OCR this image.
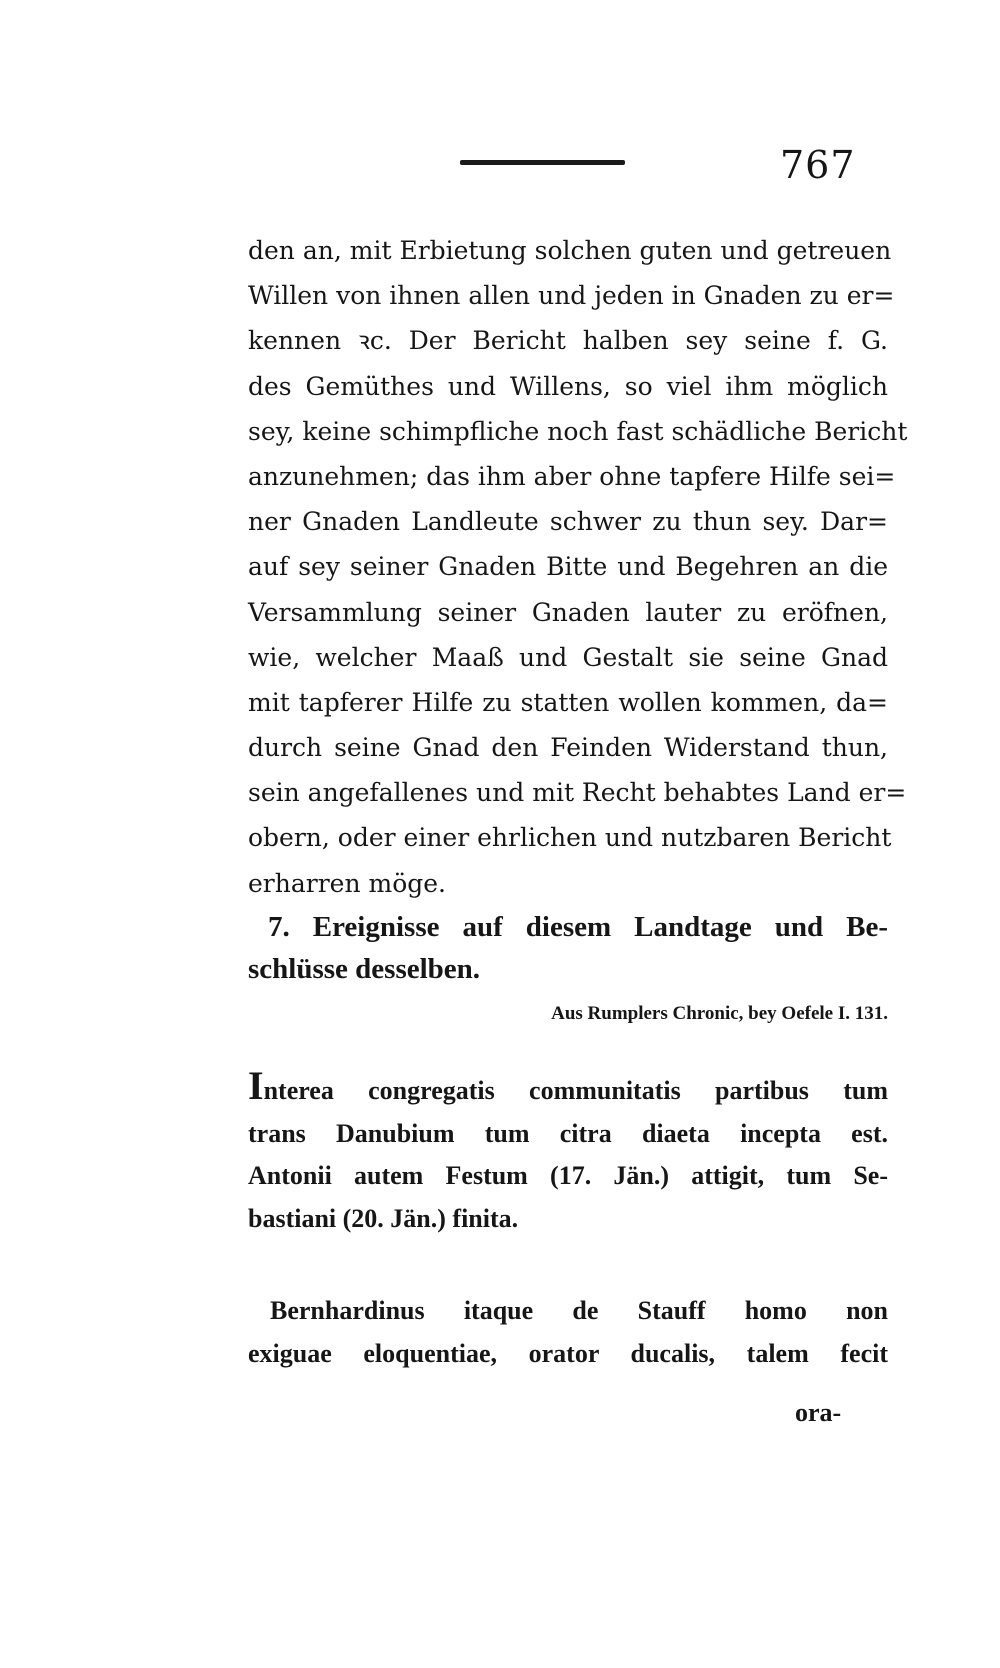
767
den an, mit Erbietung solchen guten und getreuen
Willen von ihnen allen und jeden in Gnaden zu er=
kennen ꝛc. Der Bericht halben sey seine f. G.
des Gemüthes und Willens, so viel ihm möglich
sey, keine schimpfliche noch fast schädliche Bericht
anzunehmen; das ihm aber ohne tapfere Hilfe sei=
ner Gnaden Landleute schwer zu thun sey. Dar=
auf sey seiner Gnaden Bitte und Begehren an die
Versammlung seiner Gnaden lauter zu eröfnen,
wie, welcher Maaß und Gestalt sie seine Gnad
mit tapferer Hilfe zu statten wollen kommen, da=
durch seine Gnad den Feinden Widerstand thun,
sein angefallenes und mit Recht behabtes Land er=
obern, oder einer ehrlichen und nutzbaren Bericht
erharren möge.
7. Ereignisse auf diesem Landtage und Be-
schlüsse desselben.
Aus Rumplers Chronic, bey Oefele I. 131.
Interea congregatis communitatis partibus tum
trans Danubium tum citra diaeta incepta est.
Antonii autem Festum (17. Jän.) attigit, tum Se-
bastiani (20. Jän.) finita.
Bernhardinus itaque de Stauff homo non
exiguae eloquentiae, orator ducalis, talem fecit
ora-
